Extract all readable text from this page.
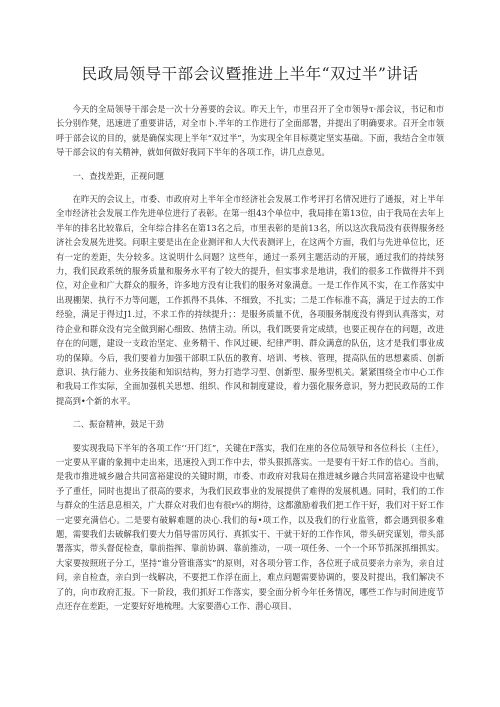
民政局领导干部会议暨推进上半年“双过半”讲话

今天的全局领导干部会是一次十分善要的会议。昨天上午，市里召开了全市领导τ·部会议，书记和市长分别作凳，迅速进了重要讲话，对全市卜.半年的工作进行了全面部署，并提出了明确要求。召开全市领呼于部会议的目的，就是确保实现上半年“双过半”，为实现全年目标奠定坚实基础。下面，我结合全市领导干部会议的有关精神，就如何做好我同下半年的各项工作，讲几点意见。

一、查找差距，正视问题

在昨天的会议上，市委、市政府对上半年全市经济社会发展工作考评打名情况进行了通报，对上半年全市经济社会发展工作先进单位进行了表彰。在第一组43个单位中，我局排在第13位，由于我局在去年上半年的排名比较靠后，全年综合排名在第13名之后，市里表彰的是前13名，所以这次我局没有获得服务经济社会发展先进奖。问职主要是出在企业测评和人大代表测评上，在这两个方面，我们与先进单位比，还有一定的差距，失分较多。这说明什么问题？这些年，通过一系列主题活动的开展，通过我们的持续努力，我们民政系统的服务质量和服务水平有了较大的提升，但实事求是地讲，我们的很多工作做得并不到位，对企业和广大群众的服务，许多地方没有让我们的服务对象满意。一是工作作风不实，在工作落实中出现棚架、执行不力等问题，工作抓得不具体、不细致，不扎实；二是工作标准不高，满足于过去的工作经验，满足于得过J1.过，不求工作的持续提升；：是服务质量不优，各项服务制度没有得到认真落实，对待企业和群众没有完全做到耐心细致、热情主动。所以，我们既要肯定成绩，也要正视存在的问题，改进存在的问题，建设一支政治坚定、业务精干、作风过硬、纪律严明、群众满意的队伍，这才是我们事业成功的保障。今后，我们要着力加强干部职工队伍的教育、培训、考核、管理，提高队伍的思想素质、创新意识、执行能力、业务技能和知识结构，努力打造学习型、创新型、服务型机关。紧紧围绕全市中心工作和我局工作实际，全面加强机关思想、组织、作风和制度建设，着力强化服务意识，努力把民政局的工作提高到•个新的水平。

二、振奋精神，鼓足干劲

要实现我局下半年的各项工作’‘开门红”，关键在F落实，我们在座的各位局领导和各位科长（主任），一定要从平庸的象拥中走出来，迅速投入到工作中去，带头狠抓落实。一是要有干好工作的信心。当前，是我市推进城乡融合共同富裕建设的关键时期，市委、市政府对我局在推进城乡融合共同富裕建设中也赋予了重任，同时也提出了很高的要求，为我们民政事业的发展提供了难得的发展机遇。同时，我们的工作与群众的生活息息相关，广大群众对我们也有很r¼的期待，这都激励着我们把工作干好，我们对干好工作一定要充满信心。二是要有破解难题的决心.我们的每•项工作，以及我们的行业监管，都会遇到很多难题，需要我们去破解我们要大力倡导雷厉风行、真抓实干、干就干好的工作作风，带头研究谋划，带头部署落实，带头督促检查，靠前指挥、靠前协调、靠前推动，一项一项任务、一个一个环节抓深抓细抓实。大家要按照班子分工，坚持“谁分管谁落实”的原则，对各项分管工作，各位班子成员要亲力亲为，亲自过问，亲自检查，亲白到一线解决，不要把工作浮在面上，难点问题需要协调的，要及时提出，我们解决不了的，向市政府汇报。下一阶段，我们抓好工作落实，要全面分析今年任务情况，哪些工作与时间进度节点还存在差距，一定要好好地梳理。大家要潜心工作、潜心项目、
